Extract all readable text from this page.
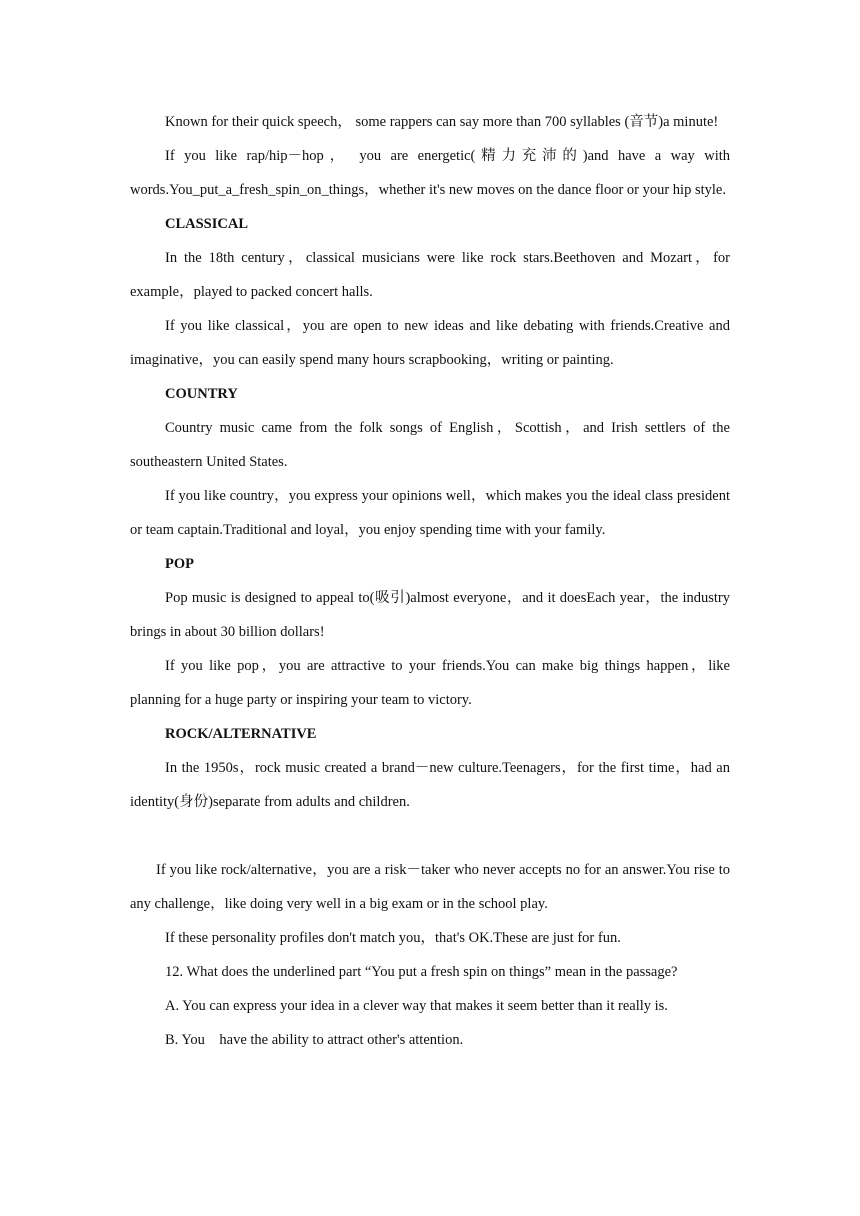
Known for their quick speech， some rappers can say more than 700 syllables (音节)a minute!

If you like rap/hip－hop， you are energetic(精力充沛的)and have a way with words.You_put_a_fresh_spin_on_things，whether it's new moves on the dance floor or your hip style.

CLASSICAL

In the 18th century，classical musicians were like rock stars.Beethoven and Mozart，for example，played to packed concert halls.

If you like classical，you are open to new ideas and like debating with friends.Creative and imaginative，you can easily spend many hours scrapbooking，writing or painting.

COUNTRY

Country music came from the folk songs of English，Scottish，and Irish settlers of the southeastern United States.

If you like country，you express your opinions well，which makes you the ideal class president or team captain.Traditional and loyal，you enjoy spending time with your family.

POP

Pop music is designed to appeal to(吸引)almost everyone，and it doesEach year，the industry brings in about 30 billion dollars!

If you like pop，you are attractive to your friends.You can make big things happen，like planning for a huge party or inspiring your team to victory.

ROCK/ALTERNATIVE

In the 1950s，rock music created a brand－new culture.Teenagers，for the first time，had an identity(身份)separate from adults and children.

If you like rock/alternative，you are a risk－taker who never accepts no for an answer.You rise to any challenge，like doing very well in a big exam or in the school play.

If these personality profiles don't match you，that's OK.These are just for fun.

12. What does the underlined part “You put a fresh spin on things” mean in the passage?

A. You can express your idea in a clever way that makes it seem better than it really is.

B. You　have the ability to attract other's attention.
